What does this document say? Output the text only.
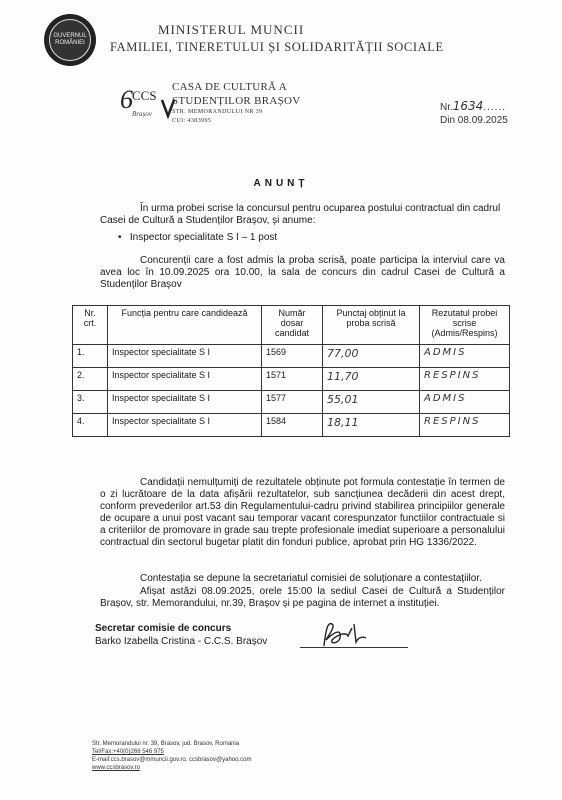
GUVERNUL ROMÂNIEI
MINISTERUL MUNCII
FAMILIEI, TINERETULUI ȘI SOLIDARITĂȚII SOCIALE
6 CCS
Brașov
CASA DE CULTURĂ A
STUDENȚILOR BRAȘOV
STR. MEMORANDULUI NR 39
CUI: 4383995
Nr.1634......
Din 08.09.2025
ANUNȚ
În urma probei scrise la concursul pentru ocuparea postului contractual din cadrul Casei de Cultură a Studenților Brașov, și anume:
• Inspector specialitate S I – 1 post
Concurenții care a fost admis la proba scrisă, poate participa la interviul care va avea loc în 10.09.2025 ora 10.00, la sala de concurs din cadrul Casei de Cultură a Studenților Brașov
Nr. crt.	Funcția pentru care candidează	Număr dosar candidat	Punctaj obținut la proba scrisă	Rezutatul probei scrise (Admis/Respins)
1.	Inspector specialitate S I	1569	77,00	ADMIS
2.	Inspector specialitate S I	1571	11,70	RESPINS
3.	Inspector specialitate S I	1577	55,01	ADMIS
4.	Inspector specialitate S I	1584	18,11	RESPINS
Candidații nemulțumiți de rezultatele obținute pot formula contestație în termen de o zi lucrătoare de la data afișării rezultatelor, sub sancțiunea decăderii din acest drept, conform prevederilor art.53 din Regulamentului-cadru privind stabilirea principiilor generale de ocupare a unui post vacant sau temporar vacant corespunzator functiilor contractuale si a criteriilor de promovare in grade sau trepte profesionale imediat superioare a personalului contractual din sectorul bugetar platit din fonduri publice, aprobat prin HG 1336/2022.
Contestația se depune la secretariatul comisiei de soluționare a contestațiilor.
Afișat astăzi 08.09.2025, orele 15:00 la sediul Casei de Cultură a Studenților Brașov, str. Memorandului, nr.39, Brașov și pe pagina de internet a instituției.
Secretar comisie de concurs
Barko Izabella Cristina - C.C.S. Brașov
Str. Memorandului nr. 39, Brasov, jud. Brasov, Romania
Tel/Fax:+40(0)268 546 975
E-mail:ccs.brasov@mmuncii.gov.ro, ccsbrasov@yahoo.com
www.ccsbrasov.ro
